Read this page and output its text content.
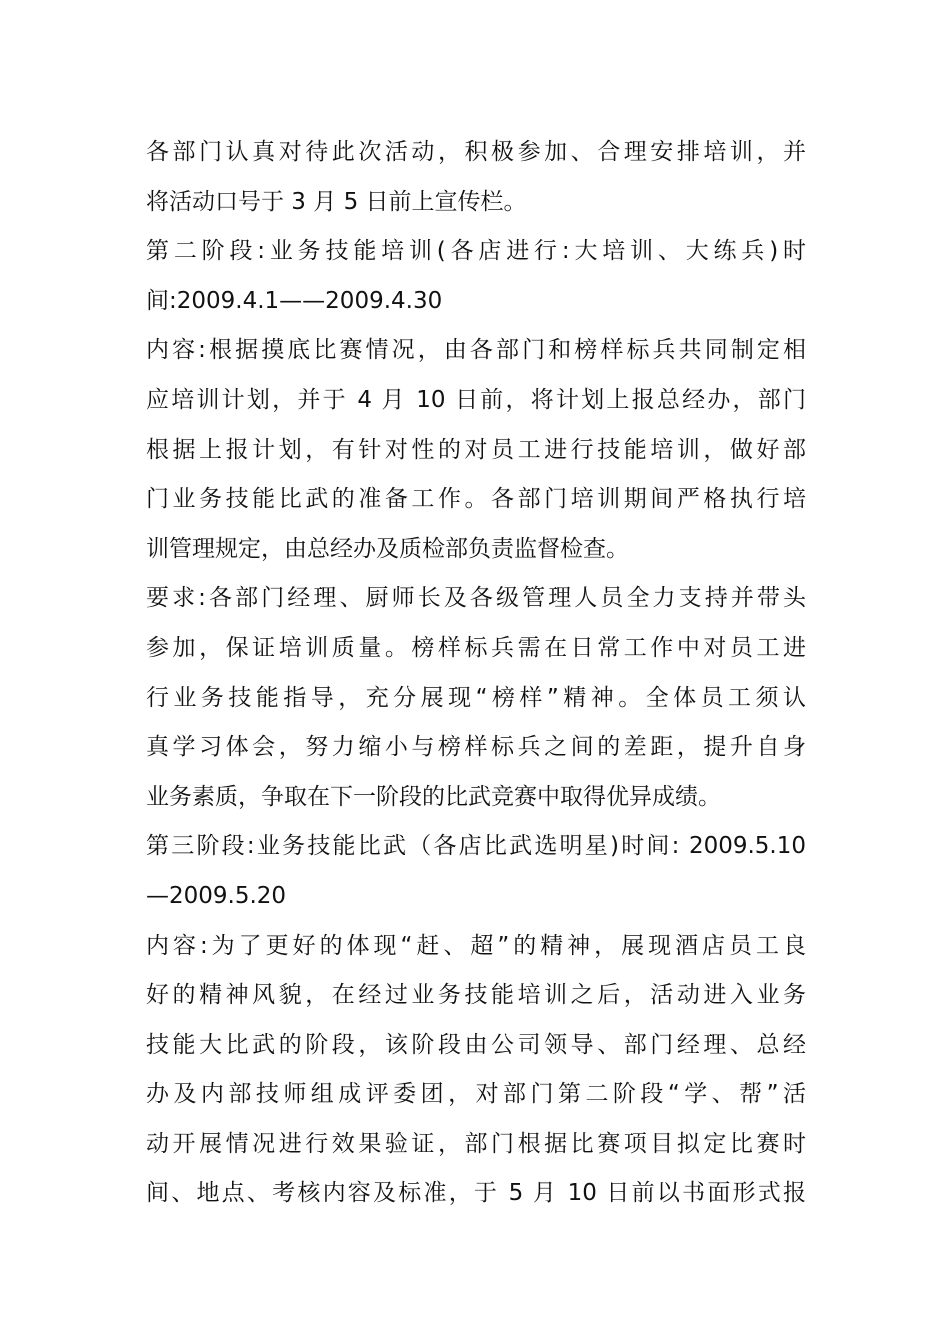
各部门认真对待此次活动，积极参加、合理安排培训，并
将活动口号于 3 月 5 日前上宣传栏。
第二阶段:业务技能培训(各店进行:大培训、大练兵)时
间:2009.4.1——2009.4.30
内容:根据摸底比赛情况，由各部门和榜样标兵共同制定相
应培训计划，并于 4 月 10 日前，将计划上报总经办，部门
根据上报计划，有针对性的对员工进行技能培训，做好部
门业务技能比武的准备工作。各部门培训期间严格执行培
训管理规定，由总经办及质检部负责监督检查。
要求:各部门经理、厨师长及各级管理人员全力支持并带头
参加，保证培训质量。榜样标兵需在日常工作中对员工进
行业务技能指导，充分展现“榜样”精神。全体员工须认
真学习体会，努力缩小与榜样标兵之间的差距，提升自身
业务素质，争取在下一阶段的比武竞赛中取得优异成绩。
第三阶段:业务技能比武（各店比武选明星)时间: 2009.5.10
—2009.5.20
内容:为了更好的体现“赶、超”的精神，展现酒店员工良
好的精神风貌，在经过业务技能培训之后，活动进入业务
技能大比武的阶段，该阶段由公司领导、部门经理、总经
办及内部技师组成评委团，对部门第二阶段“学、帮”活
动开展情况进行效果验证，部门根据比赛项目拟定比赛时
间、地点、考核内容及标准，于 5 月 10 日前以书面形式报
